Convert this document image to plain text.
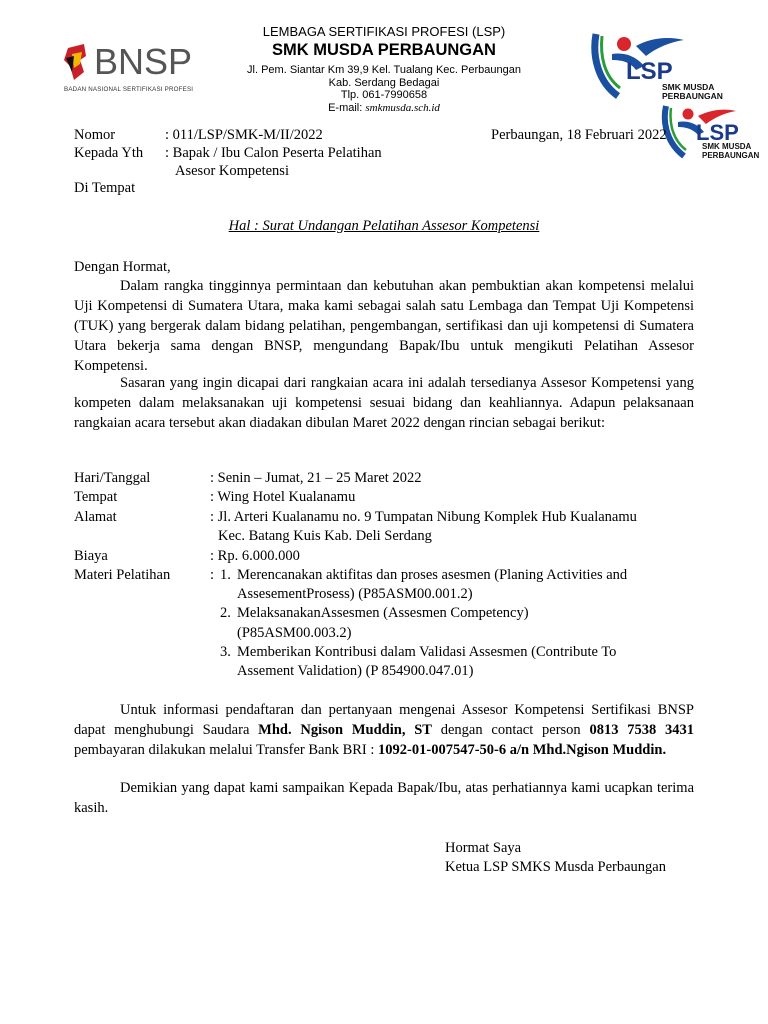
BNSP
BADAN NASIONAL SERTIFIKASI PROFESI
LEMBAGA SERTIFIKASI PROFESI (LSP)
SMK MUSDA PERBAUNGAN
Jl. Pem. Siantar Km 39,9 Kel. Tualang Kec. Perbaungan
Kab. Serdang Bedagai
Tlp. 061-7990658
E-mail: smkmusda.sch.id
LSP
SMK MUSDA
PERBAUNGAN
LSP
SMK MUSDA
PERBAUNGAN
Nomor	: 011/LSP/SMK-M/II/2022	Perbaungan, 18 Februari 2022
Kepada Yth : Bapak / Ibu Calon Peserta Pelatihan
Asesor Kompetensi
Di Tempat
Hal : Surat Undangan Pelatihan Assesor Kompetensi
Dengan Hormat,
Dalam rangka tingginnya permintaan dan kebutuhan akan pembuktian akan kompetensi melalui Uji Kompetensi di Sumatera Utara, maka kami sebagai salah satu Lembaga dan Tempat Uji Kompetensi (TUK) yang bergerak dalam bidang pelatihan, pengembangan, sertifikasi dan uji kompetensi di Sumatera Utara bekerja sama dengan BNSP, mengundang Bapak/Ibu untuk mengikuti Pelatihan Assesor Kompetensi.
Sasaran yang ingin dicapai dari rangkaian acara ini adalah tersedianya Assesor Kompetensi yang kompeten dalam melaksanakan uji kompetensi sesuai bidang dan keahliannya. Adapun pelaksanaan rangkaian acara tersebut akan diadakan dibulan Maret 2022 dengan rincian sebagai berikut:
Hari/Tanggal	: Senin – Jumat, 21 – 25 Maret 2022
Tempat	: Wing Hotel Kualanamu
Alamat	: Jl. Arteri Kualanamu no. 9 Tumpatan Nibung Komplek Hub Kualanamu
Kec. Batang Kuis Kab. Deli Serdang
Biaya	: Rp. 6.000.000
Materi Pelatihan	: 1. Merencanakan aktifitas dan proses asesmen (Planing Activities and
AssesementProsess) (P85ASM00.001.2)
2. MelaksanakanAssesmen (Assesmen Competency)
(P85ASM00.003.2)
3. Memberikan Kontribusi dalam Validasi Assesmen (Contribute To
Assement Validation) (P 854900.047.01)
Untuk informasi pendaftaran dan pertanyaan mengenai Assesor Kompetensi Sertifikasi BNSP dapat menghubungi Saudara Mhd. Ngison Muddin, ST dengan contact person 0813 7538 3431 pembayaran dilakukan melalui Transfer Bank BRI : 1092-01-007547-50-6 a/n Mhd.Ngison Muddin.
Demikian yang dapat kami sampaikan Kepada Bapak/Ibu, atas perhatiannya kami ucapkan terima kasih.
Hormat Saya
Ketua LSP SMKS Musda Perbaungan
